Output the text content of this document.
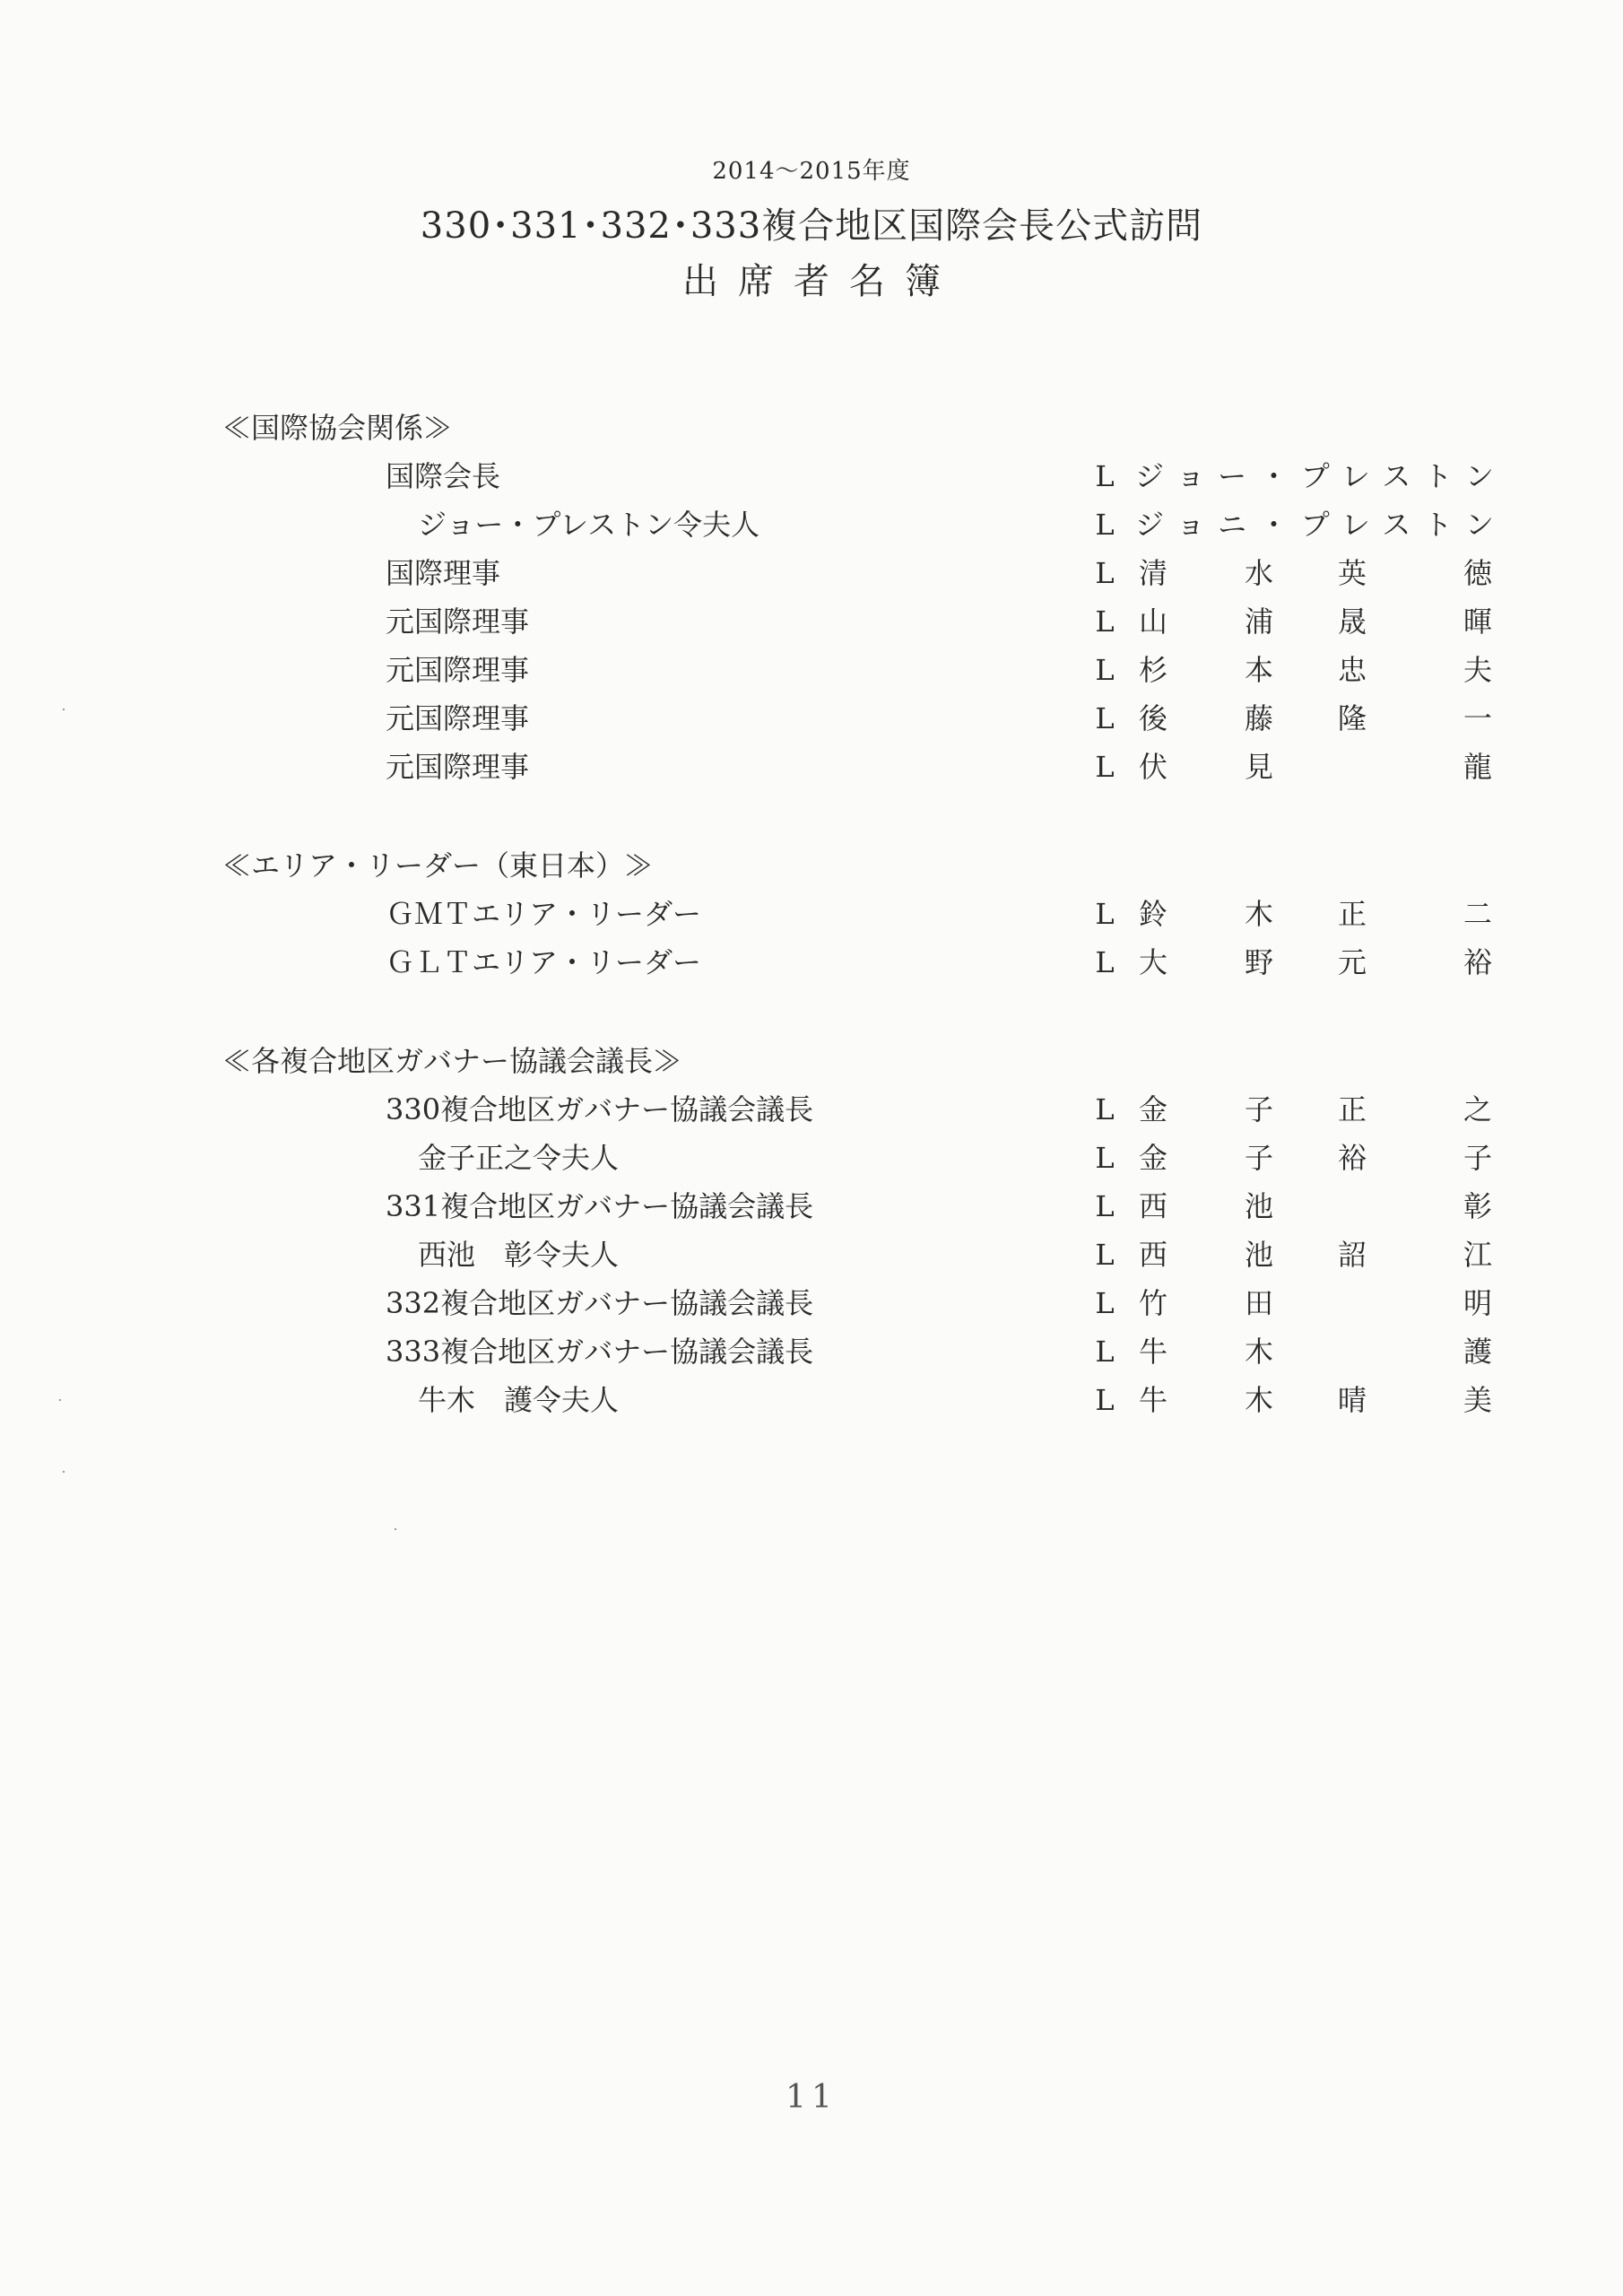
2014～2015年度
330･331･332･333複合地区国際会長公式訪問
出席者名簿
≪国際協会関係≫
国際会長	L ジョー・プレストン
ジョー・プレストン令夫人	L ジョニ・プレストン
国際理事	L 清	水 英	徳
元国際理事	L 山	浦 晟	暉
元国際理事	L 杉	本 忠	夫
元国際理事	L 後	藤 隆	一
元国際理事	L 伏	見	龍
≪エリア・リーダー（東日本）≫
ＧＭＴエリア・リーダー	L 鈴	木 正	二
ＧＬＴエリア・リーダー	L 大	野 元	裕
≪各複合地区ガバナー協議会議長≫
330複合地区ガバナー協議会議長	L 金	子 正	之
金子正之令夫人	L 金	子 裕	子
331複合地区ガバナー協議会議長	L 西	池	彰
西池　彰令夫人	L 西	池 詔	江
332複合地区ガバナー協議会議長	L 竹	田	明
333複合地区ガバナー協議会議長	L 牛	木	護
牛木　護令夫人	L 牛	木 晴	美
11
